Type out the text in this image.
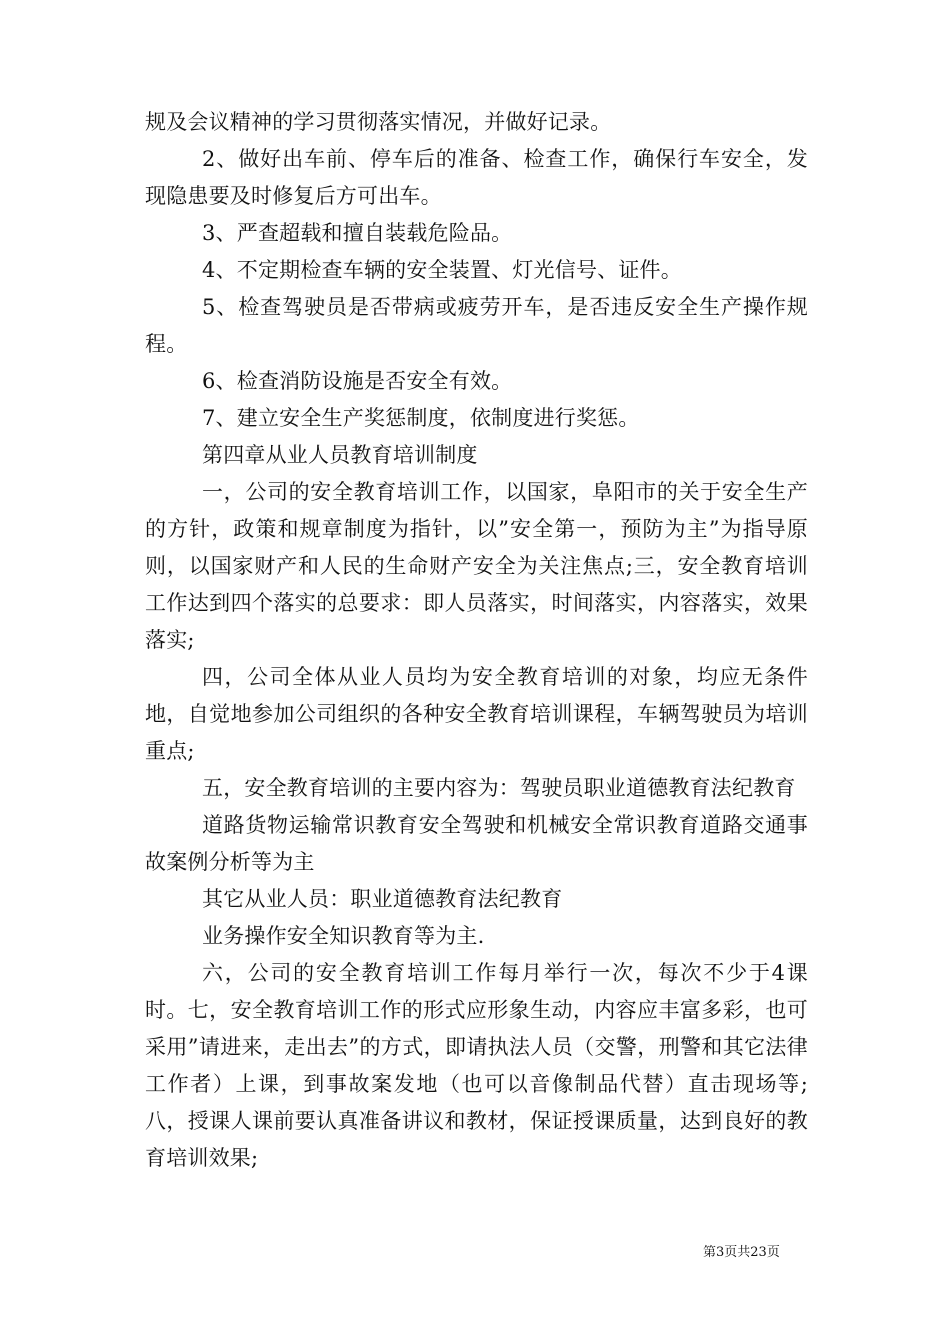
规及会议精神的学习贯彻落实情况，并做好记录。

2、做好出车前、停车后的准备、检查工作，确保行车安全，发现隐患要及时修复后方可出车。

3、严查超载和擅自装载危险品。

4、不定期检查车辆的安全装置、灯光信号、证件。

5、检查驾驶员是否带病或疲劳开车，是否违反安全生产操作规程。

6、检查消防设施是否安全有效。

7、建立安全生产奖惩制度，依制度进行奖惩。

第四章从业人员教育培训制度

一，公司的安全教育培训工作，以国家，阜阳市的关于安全生产的方针，政策和规章制度为指针，以”安全第一，预防为主”为指导原则，以国家财产和人民的生命财产安全为关注焦点;三，安全教育培训工作达到四个落实的总要求：即人员落实，时间落实，内容落实，效果落实;

四，公司全体从业人员均为安全教育培训的对象，均应无条件地，自觉地参加公司组织的各种安全教育培训课程，车辆驾驶员为培训重点;

五，安全教育培训的主要内容为：驾驶员职业道德教育法纪教育

道路货物运输常识教育安全驾驶和机械安全常识教育道路交通事故案例分析等为主

其它从业人员：职业道德教育法纪教育

业务操作安全知识教育等为主.

六，公司的安全教育培训工作每月举行一次，每次不少于4课时。七，安全教育培训工作的形式应形象生动，内容应丰富多彩，也可采用”请进来，走出去”的方式，即请执法人员（交警，刑警和其它法律工作者）上课，到事故案发地（也可以音像制品代替）直击现场等;八，授课人课前要认真准备讲议和教材，保证授课质量，达到良好的教育培训效果;

第3页共23页
